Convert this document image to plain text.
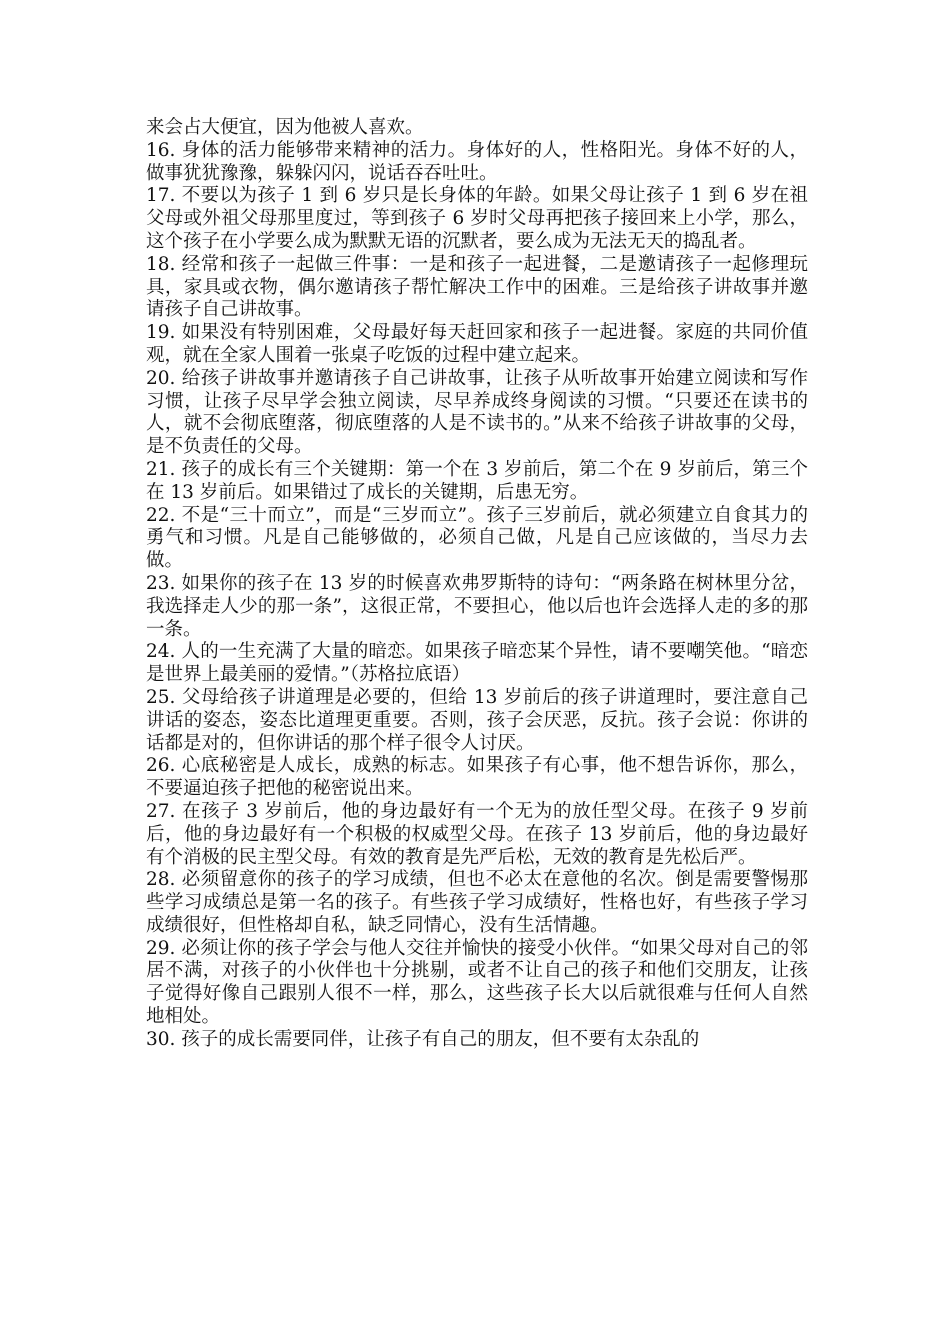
来会占大便宜，因为他被人喜欢。

16. 身体的活力能够带来精神的活力。身体好的人，性格阳光。身体不好的人，做事犹犹豫豫，躲躲闪闪，说话吞吞吐吐。

17. 不要以为孩子 1 到 6 岁只是长身体的年龄。如果父母让孩子 1 到 6 岁在祖父母或外祖父母那里度过，等到孩子 6 岁时父母再把孩子接回来上小学，那么，这个孩子在小学要么成为默默无语的沉默者，要么成为无法无天的捣乱者。

18. 经常和孩子一起做三件事：一是和孩子一起进餐，二是邀请孩子一起修理玩具，家具或衣物，偶尔邀请孩子帮忙解决工作中的困难。三是给孩子讲故事并邀请孩子自己讲故事。

19. 如果没有特别困难，父母最好每天赶回家和孩子一起进餐。家庭的共同价值观，就在全家人围着一张桌子吃饭的过程中建立起来。

20. 给孩子讲故事并邀请孩子自己讲故事，让孩子从听故事开始建立阅读和写作习惯，让孩子尽早学会独立阅读，尽早养成终身阅读的习惯。“只要还在读书的人，就不会彻底堕落，彻底堕落的人是不读书的。”从来不给孩子讲故事的父母，是不负责任的父母。

21. 孩子的成长有三个关键期：第一个在 3 岁前后，第二个在 9 岁前后，第三个在 13 岁前后。如果错过了成长的关键期，后患无穷。

22. 不是“三十而立”，而是“三岁而立”。孩子三岁前后，就必须建立自食其力的勇气和习惯。凡是自己能够做的，必须自己做，凡是自己应该做的，当尽力去做。

23. 如果你的孩子在 13 岁的时候喜欢弗罗斯特的诗句：“两条路在树林里分岔，我选择走人少的那一条”，这很正常，不要担心，他以后也许会选择人走的多的那一条。

24. 人的一生充满了大量的暗恋。如果孩子暗恋某个异性，请不要嘲笑他。“暗恋是世界上最美丽的爱情。”（苏格拉底语）

25. 父母给孩子讲道理是必要的，但给 13 岁前后的孩子讲道理时，要注意自己讲话的姿态，姿态比道理更重要。否则，孩子会厌恶，反抗。孩子会说：你讲的话都是对的，但你讲话的那个样子很令人讨厌。

26. 心底秘密是人成长，成熟的标志。如果孩子有心事，他不想告诉你，那么，不要逼迫孩子把他的秘密说出来。

27. 在孩子 3 岁前后，他的身边最好有一个无为的放任型父母。在孩子 9 岁前后，他的身边最好有一个积极的权威型父母。在孩子 13 岁前后，他的身边最好有个消极的民主型父母。有效的教育是先严后松，无效的教育是先松后严。

28. 必须留意你的孩子的学习成绩，但也不必太在意他的名次。倒是需要警惕那些学习成绩总是第一名的孩子。有些孩子学习成绩好，性格也好，有些孩子学习成绩很好，但性格却自私，缺乏同情心，没有生活情趣。

29. 必须让你的孩子学会与他人交往并愉快的接受小伙伴。“如果父母对自己的邻居不满，对孩子的小伙伴也十分挑剔，或者不让自己的孩子和他们交朋友，让孩子觉得好像自己跟别人很不一样，那么，这些孩子长大以后就很难与任何人自然地相处。

30. 孩子的成长需要同伴，让孩子有自己的朋友，但不要有太杂乱的
